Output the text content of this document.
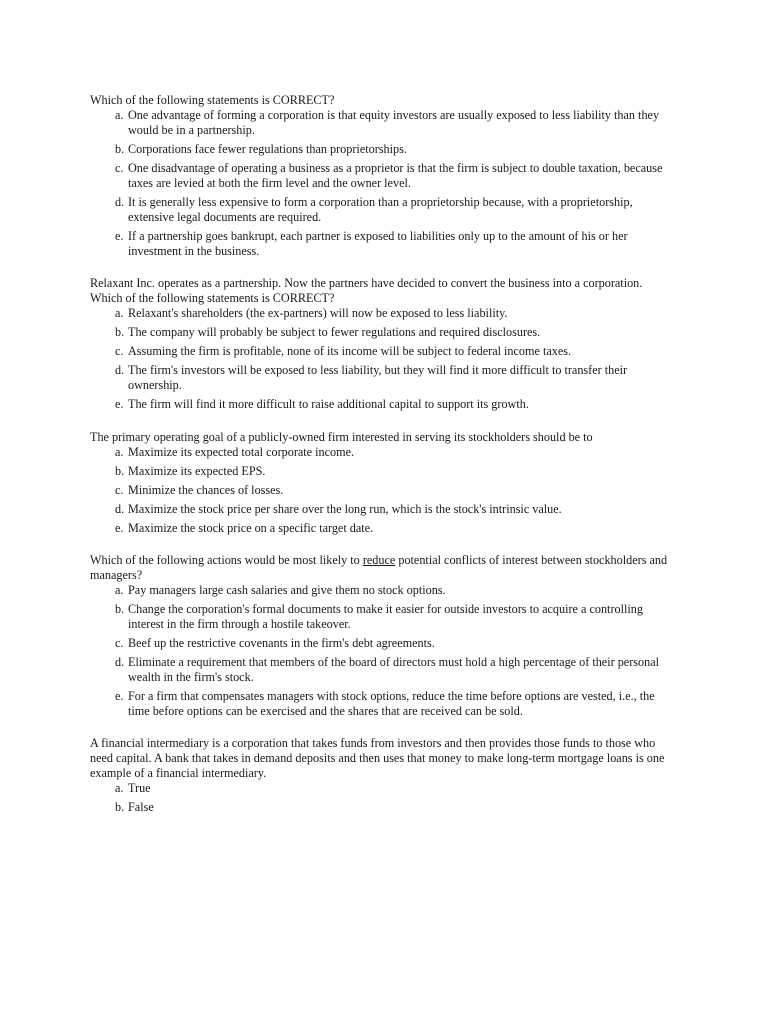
Which of the following statements is CORRECT?

a. One advantage of forming a corporation is that equity investors are usually exposed to less liability than they would be in a partnership.
b. Corporations face fewer regulations than proprietorships.
c. One disadvantage of operating a business as a proprietor is that the firm is subject to double taxation, because taxes are levied at both the firm level and the owner level.
d. It is generally less expensive to form a corporation than a proprietorship because, with a proprietorship, extensive legal documents are required.
e. If a partnership goes bankrupt, each partner is exposed to liabilities only up to the amount of his or her investment in the business.

Relaxant Inc. operates as a partnership. Now the partners have decided to convert the business into a corporation. Which of the following statements is CORRECT?

a. Relaxant's shareholders (the ex-partners) will now be exposed to less liability.
b. The company will probably be subject to fewer regulations and required disclosures.
c. Assuming the firm is profitable, none of its income will be subject to federal income taxes.
d. The firm's investors will be exposed to less liability, but they will find it more difficult to transfer their ownership.
e. The firm will find it more difficult to raise additional capital to support its growth.

The primary operating goal of a publicly-owned firm interested in serving its stockholders should be to

a. Maximize its expected total corporate income.
b. Maximize its expected EPS.
c. Minimize the chances of losses.
d. Maximize the stock price per share over the long run, which is the stock's intrinsic value.
e. Maximize the stock price on a specific target date.

Which of the following actions would be most likely to reduce potential conflicts of interest between stockholders and managers?

a. Pay managers large cash salaries and give them no stock options.
b. Change the corporation's formal documents to make it easier for outside investors to acquire a controlling interest in the firm through a hostile takeover.
c. Beef up the restrictive covenants in the firm's debt agreements.
d. Eliminate a requirement that members of the board of directors must hold a high percentage of their personal wealth in the firm's stock.
e. For a firm that compensates managers with stock options, reduce the time before options are vested, i.e., the time before options can be exercised and the shares that are received can be sold.

A financial intermediary is a corporation that takes funds from investors and then provides those funds to those who need capital. A bank that takes in demand deposits and then uses that money to make long-term mortgage loans is one example of a financial intermediary.

a. True
b. False
